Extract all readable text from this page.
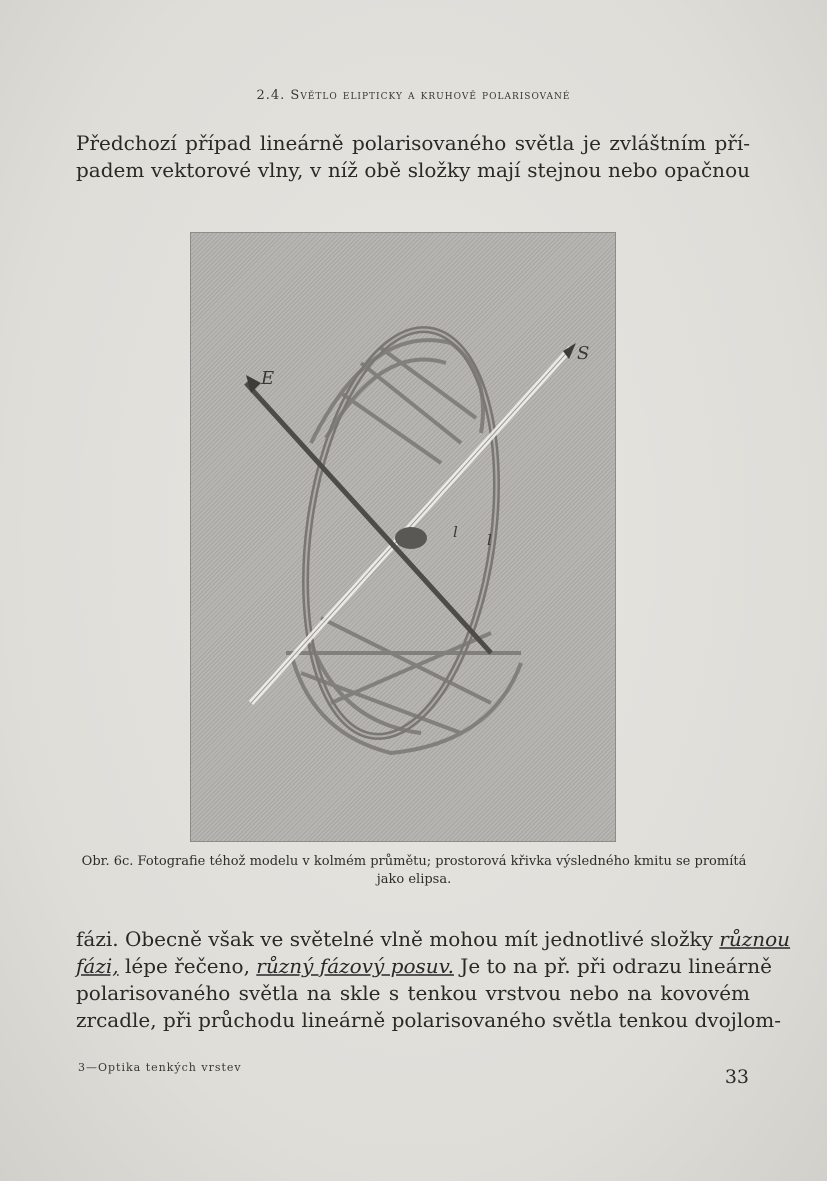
2.4. Světlo elipticky a kruhově polarisované
Předchozí případ lineárně polarisovaného světla je zvláštním pří-
padem vektorové vlny, v níž obě složky mají stejnou nebo opačnou
E
S
l l
Obr. 6c. Fotografie téhož modelu v kolmém průmětu; prostorová křivka výsledného kmitu se promítá jako elipsa.
fázi. Obecně však ve světelné vlně mohou mít jednotlivé složky různou
fázi, lépe řečeno, různý fázový posuv. Je to na př. při odrazu lineárně
polarisovaného světla na skle s tenkou vrstvou nebo na kovovém
zrcadle, při průchodu lineárně polarisovaného světla tenkou dvojlom-
3—Optika tenkých vrstev	33
